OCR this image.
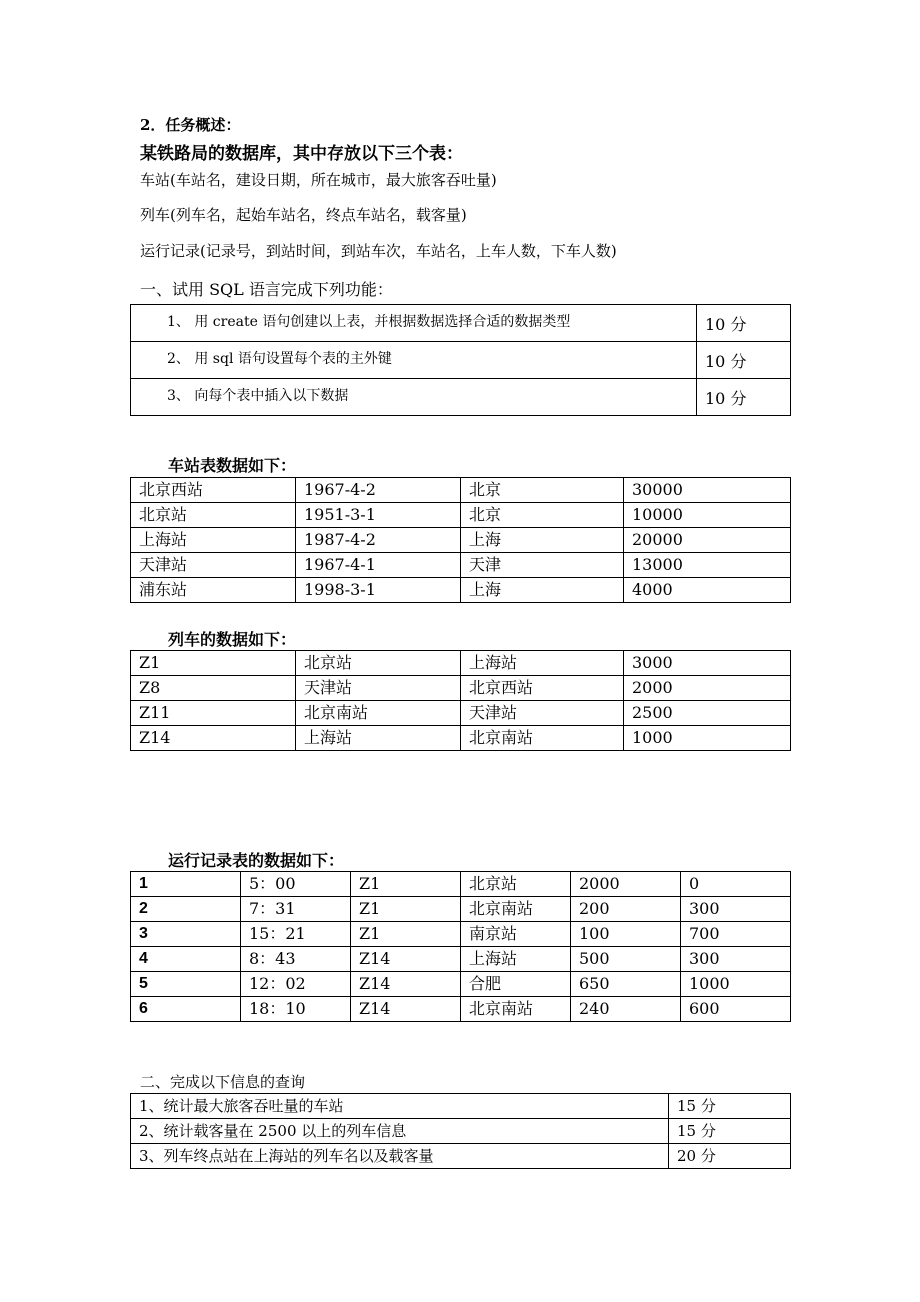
2．任务概述：
某铁路局的数据库，其中存放以下三个表：
车站(车站名，建设日期，所在城市，最大旅客吞吐量)
列车(列车名，起始车站名，终点车站名，载客量)
运行记录(记录号，到站时间，到站车次，车站名，上车人数，下车人数)
一、试用 SQL 语言完成下列功能：
1、 用 create 语句创建以上表，并根据数据选择合适的数据类型	10 分
2、 用 sql 语句设置每个表的主外键	10 分
3、 向每个表中插入以下数据	10 分
车站表数据如下：
北京西站	1967-4-2	北京	30000
北京站	1951-3-1	北京	10000
上海站	1987-4-2	上海	20000
天津站	1967-4-1	天津	13000
浦东站	1998-3-1	上海	4000
列车的数据如下：
Z1	北京站	上海站	3000
Z8	天津站	北京西站	2000
Z11	北京南站	天津站	2500
Z14	上海站	北京南站	1000
运行记录表的数据如下：
1	5：00	Z1	北京站	2000	0
2	7：31	Z1	北京南站	200	300
3	15：21	Z1	南京站	100	700
4	8：43	Z14	上海站	500	300
5	12：02	Z14	合肥	650	1000
6	18：10	Z14	北京南站	240	600
二、完成以下信息的查询
1、统计最大旅客吞吐量的车站	15 分
2、统计载客量在 2500 以上的列车信息	15 分
3、列车终点站在上海站的列车名以及载客量	20 分
